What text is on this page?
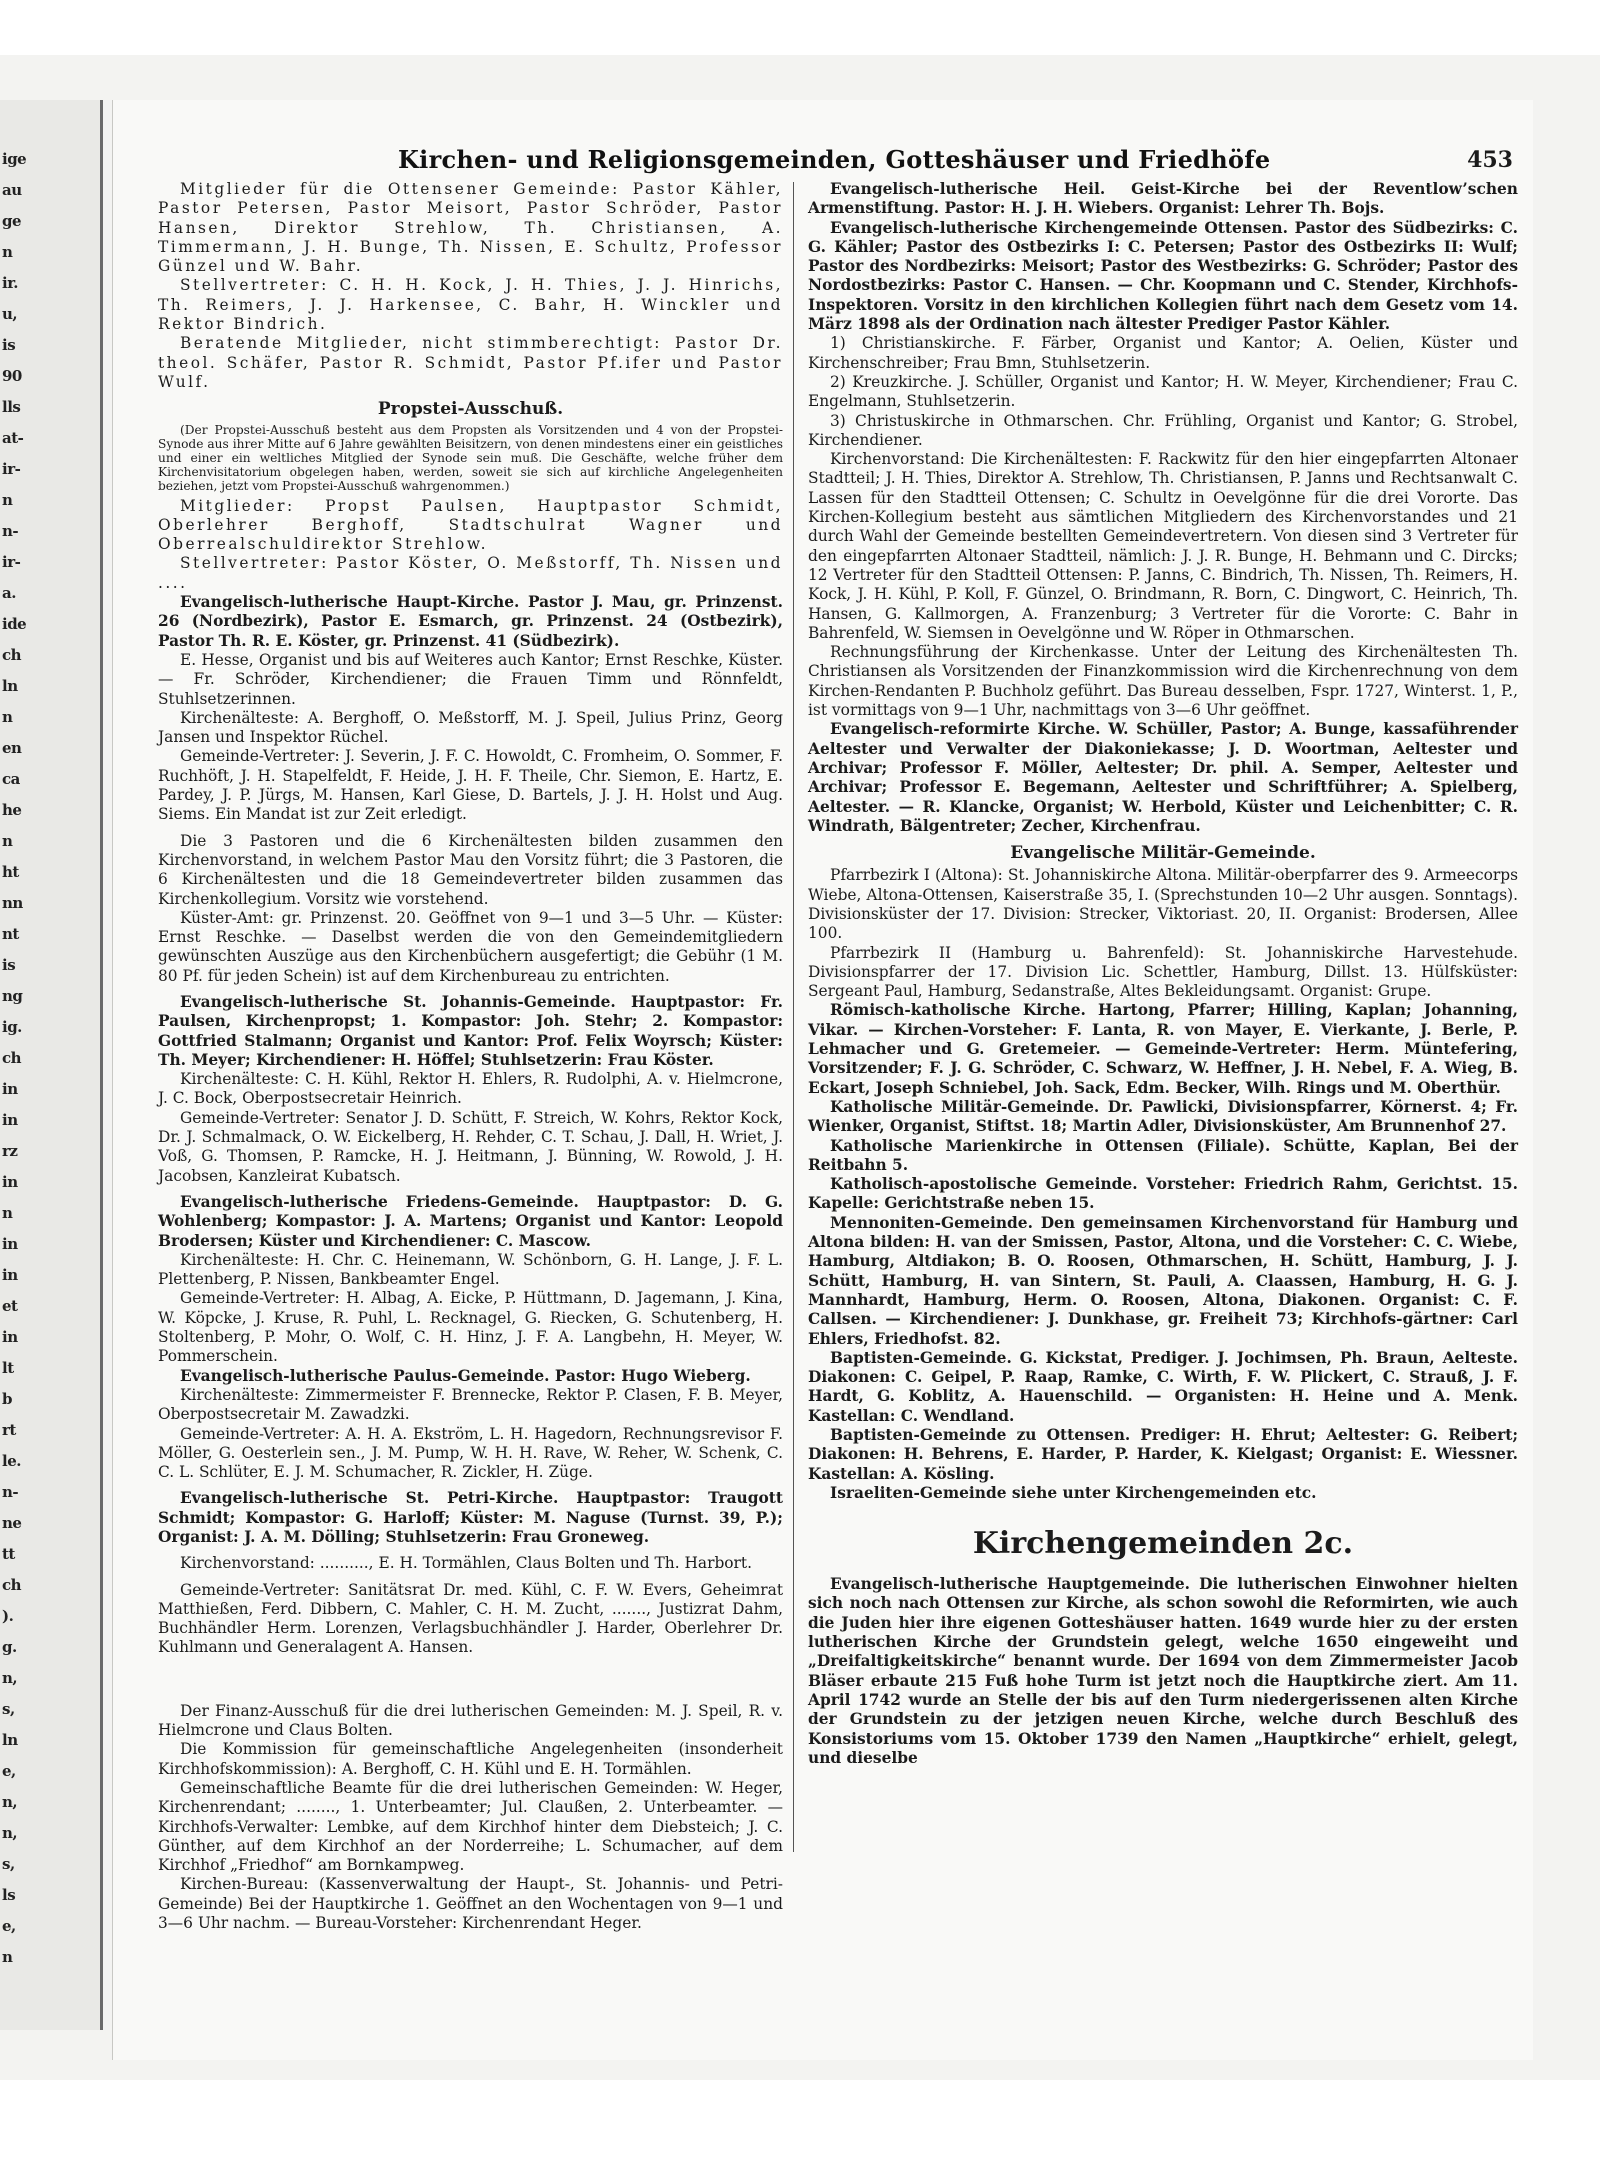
ige
au
ge
n
ir.
u,
is
90
lls
at-
ir-
n
n-
ir-
a.
ide
ch
ln
n
en
ca
he
n
ht
nn
nt
is
ng
ig.
ch
in
in
rz
in
n
in
in
et
in
lt
b
rt
le.
n-
ne
tt
ch
).
g.
n,
s,
ln
e,
n,
n,
s,
ls
e,
n
Kirchen- und Religionsgemeinden, Gotteshäuser und Friedhöfe	453

Mitglieder für die Ottensener Gemeinde: Pastor Kähler, Pastor Petersen, Pastor Meisort, Pastor Schröder, Pastor Hansen, Direktor Strehlow, Th. Christiansen, A. Timmermann, J. H. Bunge, Th. Nissen, E. Schultz, Professor Günzel und W. Bahr.

Stellvertreter: C. H. H. Kock, J. H. Thies, J. J. Hinrichs, Th. Reimers, J. J. Harkensee, C. Bahr, H. Winckler und Rektor Bindrich.

Beratende Mitglieder, nicht stimmberechtigt: Pastor Dr. theol. Schäfer, Pastor R. Schmidt, Pastor Pf.ifer und Pastor Wulf.

Propstei-Ausschuß.

(Der Propstei-Ausschuß besteht aus dem Propsten als Vorsitzenden und 4 von der Propstei-Synode aus ihrer Mitte auf 6 Jahre gewählten Beisitzern, von denen mindestens einer ein geistliches und einer ein weltliches Mitglied der Synode sein muß. Die Geschäfte, welche früher dem Kirchenvisitatorium obgelegen haben, werden, soweit sie sich auf kirchliche Angelegenheiten beziehen, jetzt vom Propstei-Ausschuß wahrgenommen.)

Mitglieder: Propst Paulsen, Hauptpastor Schmidt, Oberlehrer Berghoff, Stadtschulrat Wagner und Oberrealschuldirektor Strehlow.

Stellvertreter: Pastor Köster, O. Meßstorff, Th. Nissen und ....

Evangelisch-lutherische Haupt-Kirche. Pastor J. Mau, gr. Prinzenst. 26 (Nordbezirk), Pastor E. Esmarch, gr. Prinzenst. 24 (Ostbezirk), Pastor Th. R. E. Köster, gr. Prinzenst. 41 (Südbezirk).

E. Hesse, Organist und bis auf Weiteres auch Kantor; Ernst Reschke, Küster. — Fr. Schröder, Kirchendiener; die Frauen Timm und Rönnfeldt, Stuhlsetzerinnen.

Kirchenälteste: A. Berghoff, O. Meßstorff, M. J. Speil, Julius Prinz, Georg Jansen und Inspektor Rüchel.

Gemeinde-Vertreter: J. Severin, J. F. C. Howoldt, C. Fromheim, O. Sommer, F. Ruchhöft, J. H. Stapelfeldt, F. Heide, J. H. F. Theile, Chr. Siemon, E. Hartz, E. Pardey, J. P. Jürgs, M. Hansen, Karl Giese, D. Bartels, J. J. H. Holst und Aug. Siems. Ein Mandat ist zur Zeit erledigt.

Die 3 Pastoren und die 6 Kirchenältesten bilden zusammen den Kirchenvorstand, in welchem Pastor Mau den Vorsitz führt; die 3 Pastoren, die 6 Kirchenältesten und die 18 Gemeindevertreter bilden zusammen das Kirchenkollegium. Vorsitz wie vorstehend.

Küster-Amt: gr. Prinzenst. 20. Geöffnet von 9—1 und 3—5 Uhr. — Küster: Ernst Reschke. — Daselbst werden die von den Gemeindemitgliedern gewünschten Auszüge aus den Kirchenbüchern ausgefertigt; die Gebühr (1 M. 80 Pf. für jeden Schein) ist auf dem Kirchenbureau zu entrichten.

Evangelisch-lutherische St. Johannis-Gemeinde. Hauptpastor: Fr. Paulsen, Kirchenpropst; 1. Kompastor: Joh. Stehr; 2. Kompastor: Gottfried Stalmann; Organist und Kantor: Prof. Felix Woyrsch; Küster: Th. Meyer; Kirchendiener: H. Höffel; Stuhlsetzerin: Frau Köster.

Kirchenälteste: C. H. Kühl, Rektor H. Ehlers, R. Rudolphi, A. v. Hielmcrone, J. C. Bock, Oberpostsecretair Heinrich.

Gemeinde-Vertreter: Senator J. D. Schütt, F. Streich, W. Kohrs, Rektor Kock, Dr. J. Schmalmack, O. W. Eickelberg, H. Rehder, C. T. Schau, J. Dall, H. Wriet, J. Voß, G. Thomsen, P. Ramcke, H. J. Heitmann, J. Bünning, W. Rowold, J. H. Jacobsen, Kanzleirat Kubatsch.

Evangelisch-lutherische Friedens-Gemeinde. Hauptpastor: D. G. Wohlenberg; Kompastor: J. A. Martens; Organist und Kantor: Leopold Brodersen; Küster und Kirchendiener: C. Mascow.

Kirchenälteste: H. Chr. C. Heinemann, W. Schönborn, G. H. Lange, J. F. L. Plettenberg, P. Nissen, Bankbeamter Engel.

Gemeinde-Vertreter: H. Albag, A. Eicke, P. Hüttmann, D. Jagemann, J. Kina, W. Köpcke, J. Kruse, R. Puhl, L. Recknagel, G. Riecken, G. Schutenberg, H. Stoltenberg, P. Mohr, O. Wolf, C. H. Hinz, J. F. A. Langbehn, H. Meyer, W. Pommerschein.

Evangelisch-lutherische Paulus-Gemeinde. Pastor: Hugo Wieberg.

Kirchenälteste: Zimmermeister F. Brennecke, Rektor P. Clasen, F. B. Meyer, Oberpostsecretair M. Zawadzki.

Gemeinde-Vertreter: A. H. A. Ekström, L. H. Hagedorn, Rechnungsrevisor F. Möller, G. Oesterlein sen., J. M. Pump, W. H. H. Rave, W. Reher, W. Schenk, C. C. L. Schlüter, E. J. M. Schumacher, R. Zickler, H. Züge.

Evangelisch-lutherische St. Petri-Kirche. Hauptpastor: Traugott Schmidt; Kompastor: G. Harloff; Küster: M. Naguse (Turnst. 39, P.); Organist: J. A. M. Dölling; Stuhlsetzerin: Frau Groneweg.

Kirchenvorstand: .........., E. H. Tormählen, Claus Bolten und Th. Harbort.

Gemeinde-Vertreter: Sanitätsrat Dr. med. Kühl, C. F. W. Evers, Geheimrat Matthießen, Ferd. Dibbern, C. Mahler, C. H. M. Zucht, ......., Justizrat Dahm, Buchhändler Herm. Lorenzen, Verlagsbuchhändler J. Harder, Oberlehrer Dr. Kuhlmann und Generalagent A. Hansen.

Der Finanz-Ausschuß für die drei lutherischen Gemeinden: M. J. Speil, R. v. Hielmcrone und Claus Bolten.

Die Kommission für gemeinschaftliche Angelegenheiten (insonderheit Kirchhofskommission): A. Berghoff, C. H. Kühl und E. H. Tormählen.

Gemeinschaftliche Beamte für die drei lutherischen Gemeinden: W. Heger, Kirchenrendant; ........, 1. Unterbeamter; Jul. Claußen, 2. Unterbeamter. — Kirchhofs-Verwalter: Lembke, auf dem Kirchhof hinter dem Diebsteich; J. C. Günther, auf dem Kirchhof an der Norderreihe; L. Schumacher, auf dem Kirchhof „Friedhof“ am Bornkampweg.

Kirchen-Bureau: (Kassenverwaltung der Haupt-, St. Johannis- und Petri-Gemeinde) Bei der Hauptkirche 1. Geöffnet an den Wochentagen von 9—1 und 3—6 Uhr nachm. — Bureau-Vorsteher: Kirchenrendant Heger.

Evangelisch-lutherische Heil. Geist-Kirche bei der Reventlow’schen Armenstiftung. Pastor: H. J. H. Wiebers. Organist: Lehrer Th. Bojs.

Evangelisch-lutherische Kirchengemeinde Ottensen. Pastor des Südbezirks: C. G. Kähler; Pastor des Ostbezirks I: C. Petersen; Pastor des Ostbezirks II: Wulf; Pastor des Nordbezirks: Meisort; Pastor des Westbezirks: G. Schröder; Pastor des Nordostbezirks: Pastor C. Hansen. — Chr. Koopmann und C. Stender, Kirchhofs-Inspektoren. Vorsitz in den kirchlichen Kollegien führt nach dem Gesetz vom 14. März 1898 als der Ordination nach ältester Prediger Pastor Kähler.

1) Christianskirche. F. Färber, Organist und Kantor; A. Oelien, Küster und Kirchenschreiber; Frau Bmn, Stuhlsetzerin.

2) Kreuzkirche. J. Schüller, Organist und Kantor; H. W. Meyer, Kirchendiener; Frau C. Engelmann, Stuhlsetzerin.

3) Christuskirche in Othmarschen. Chr. Frühling, Organist und Kantor; G. Strobel, Kirchendiener.

Kirchenvorstand: Die Kirchenältesten: F. Rackwitz für den hier eingepfarrten Altonaer Stadtteil; J. H. Thies, Direktor A. Strehlow, Th. Christiansen, P. Janns und Rechtsanwalt C. Lassen für den Stadtteil Ottensen; C. Schultz in Oevelgönne für die drei Vororte. Das Kirchen-Kollegium besteht aus sämtlichen Mitgliedern des Kirchenvorstandes und 21 durch Wahl der Gemeinde bestellten Gemeindevertretern. Von diesen sind 3 Vertreter für den eingepfarrten Altonaer Stadtteil, nämlich: J. J. R. Bunge, H. Behmann und C. Dircks; 12 Vertreter für den Stadtteil Ottensen: P. Janns, C. Bindrich, Th. Nissen, Th. Reimers, H. Kock, J. H. Kühl, P. Koll, F. Günzel, O. Brindmann, R. Born, C. Dingwort, C. Heinrich, Th. Hansen, G. Kallmorgen, A. Franzenburg; 3 Vertreter für die Vororte: C. Bahr in Bahrenfeld, W. Siemsen in Oevelgönne und W. Röper in Othmarschen.

Rechnungsführung der Kirchenkasse. Unter der Leitung des Kirchenältesten Th. Christiansen als Vorsitzenden der Finanzkommission wird die Kirchenrechnung von dem Kirchen-Rendanten P. Buchholz geführt. Das Bureau desselben, Fspr. 1727, Winterst. 1, P., ist vormittags von 9—1 Uhr, nachmittags von 3—6 Uhr geöffnet.

Evangelisch-reformirte Kirche. W. Schüller, Pastor; A. Bunge, kassaführender Aeltester und Verwalter der Diakoniekasse; J. D. Woortman, Aeltester und Archivar; Professor F. Möller, Aeltester; Dr. phil. A. Semper, Aeltester und Archivar; Professor E. Begemann, Aeltester und Schriftführer; A. Spielberg, Aeltester. — R. Klancke, Organist; W. Herbold, Küster und Leichenbitter; C. R. Windrath, Bälgentreter; Zecher, Kirchenfrau.

Evangelische Militär-Gemeinde.

Pfarrbezirk I (Altona): St. Johanniskirche Altona. Militär-oberpfarrer des 9. Armeecorps Wiebe, Altona-Ottensen, Kaiserstraße 35, I. (Sprechstunden 10—2 Uhr ausgen. Sonntags). Divisionsküster der 17. Division: Strecker, Viktoriast. 20, II. Organist: Brodersen, Allee 100.

Pfarrbezirk II (Hamburg u. Bahrenfeld): St. Johanniskirche Harvestehude. Divisionspfarrer der 17. Division Lic. Schettler, Hamburg, Dillst. 13. Hülfsküster: Sergeant Paul, Hamburg, Sedanstraße, Altes Bekleidungsamt. Organist: Grupe.

Römisch-katholische Kirche. Hartong, Pfarrer; Hilling, Kaplan; Johanning, Vikar. — Kirchen-Vorsteher: F. Lanta, R. von Mayer, E. Vierkante, J. Berle, P. Lehmacher und G. Gretemeier. — Gemeinde-Vertreter: Herm. Müntefering, Vorsitzender; F. J. G. Schröder, C. Schwarz, W. Heffner, J. H. Nebel, F. A. Wieg, B. Eckart, Joseph Schniebel, Joh. Sack, Edm. Becker, Wilh. Rings und M. Oberthür.

Katholische Militär-Gemeinde. Dr. Pawlicki, Divisionspfarrer, Körnerst. 4; Fr. Wienker, Organist, Stiftst. 18; Martin Adler, Divisionsküster, Am Brunnenhof 27.

Katholische Marienkirche in Ottensen (Filiale). Schütte, Kaplan, Bei der Reitbahn 5.

Katholisch-apostolische Gemeinde. Vorsteher: Friedrich Rahm, Gerichtst. 15. Kapelle: Gerichtstraße neben 15.

Mennoniten-Gemeinde. Den gemeinsamen Kirchenvorstand für Hamburg und Altona bilden: H. van der Smissen, Pastor, Altona, und die Vorsteher: C. C. Wiebe, Hamburg, Altdiakon; B. O. Roosen, Othmarschen, H. Schütt, Hamburg, J. J. Schütt, Hamburg, H. van Sintern, St. Pauli, A. Claassen, Hamburg, H. G. J. Mannhardt, Hamburg, Herm. O. Roosen, Altona, Diakonen. Organist: C. F. Callsen. — Kirchendiener: J. Dunkhase, gr. Freiheit 73; Kirchhofs-gärtner: Carl Ehlers, Friedhofst. 82.

Baptisten-Gemeinde. G. Kickstat, Prediger. J. Jochimsen, Ph. Braun, Aelteste. Diakonen: C. Geipel, P. Raap, Ramke, C. Wirth, F. W. Plickert, C. Strauß, J. F. Hardt, G. Koblitz, A. Hauenschild. — Organisten: H. Heine und A. Menk. Kastellan: C. Wendland.

Baptisten-Gemeinde zu Ottensen. Prediger: H. Ehrut; Aeltester: G. Reibert; Diakonen: H. Behrens, E. Harder, P. Harder, K. Kielgast; Organist: E. Wiessner. Kastellan: A. Kösling.

Israeliten-Gemeinde siehe unter Kirchengemeinden etc.

Kirchengemeinden 2c.

Evangelisch-lutherische Hauptgemeinde. Die lutherischen Einwohner hielten sich noch nach Ottensen zur Kirche, als schon sowohl die Reformirten, wie auch die Juden hier ihre eigenen Gotteshäuser hatten. 1649 wurde hier zu der ersten lutherischen Kirche der Grundstein gelegt, welche 1650 eingeweiht und „Dreifaltigkeitskirche“ benannt wurde. Der 1694 von dem Zimmermeister Jacob Bläser erbaute 215 Fuß hohe Turm ist jetzt noch die Hauptkirche ziert. Am 11. April 1742 wurde an Stelle der bis auf den Turm niedergerissenen alten Kirche der Grundstein zu der jetzigen neuen Kirche, welche durch Beschluß des Konsistoriums vom 15. Oktober 1739 den Namen „Hauptkirche“ erhielt, gelegt, und dieselbe
